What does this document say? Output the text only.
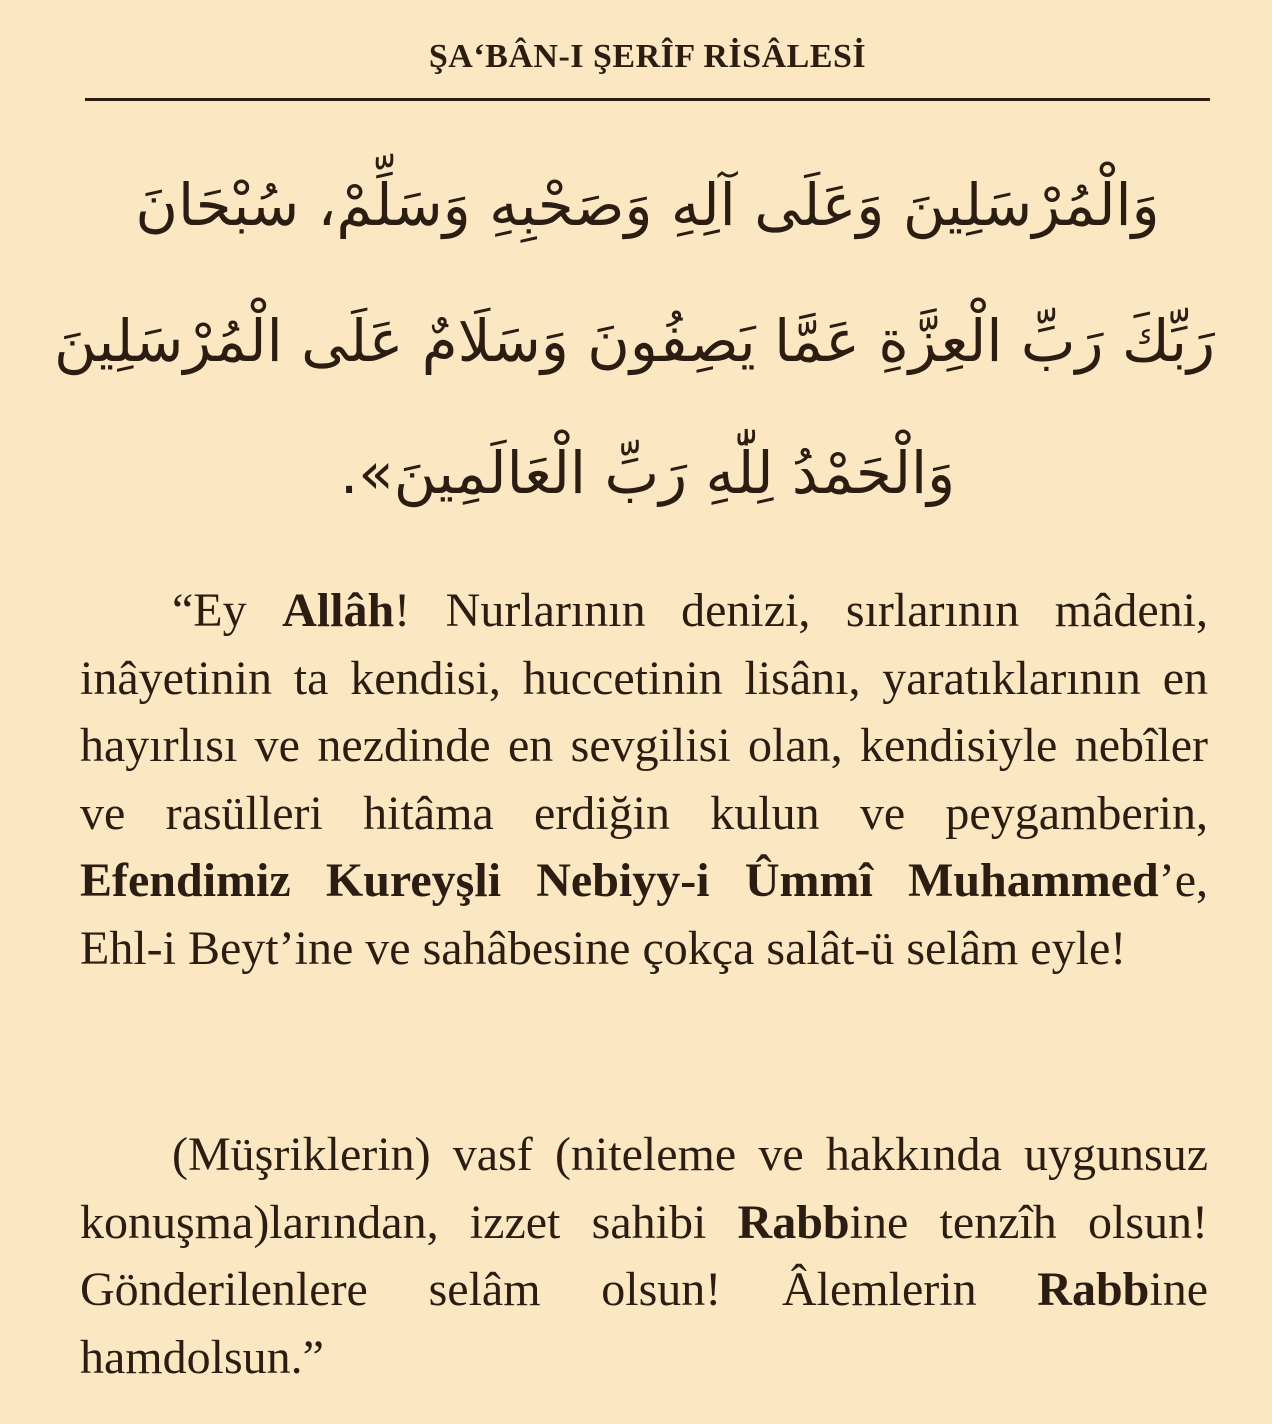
ŞA‘BÂN-I ŞERÎF RİSÂLESİ
وَالْمُرْسَلِينَ وَعَلَى آلِهِ وَصَحْبِهِ وَسَلِّمْ، سُبْحَانَ
رَبِّكَ رَبِّ الْعِزَّةِ عَمَّا يَصِفُونَ وَسَلَامٌ عَلَى الْمُرْسَلِينَ
وَالْحَمْدُ لِلّٰهِ رَبِّ الْعَالَمِينَ».

“Ey Allâh! Nurlarının denizi, sırlarının mâdeni, inâyetinin ta kendisi, huccetinin lisânı, yaratıklarının en hayırlısı ve nezdinde en sevgilisi olan, kendisiyle nebîler ve rasülleri hitâma erdiğin kulun ve peygamberin, Efendimiz Kureyşli Nebiyy-i Ûmmî Muhammed’e, Ehl-i Beyt’ine ve sahâbesine çokça salât-ü selâm eyle!

(Müşriklerin) vasf (niteleme ve hakkında uygunsuz konuşma)larından, izzet sahibi Rabbine tenzîh olsun! Gönderilenlere selâm olsun! Âlemlerin Rabbine hamdolsun.”
